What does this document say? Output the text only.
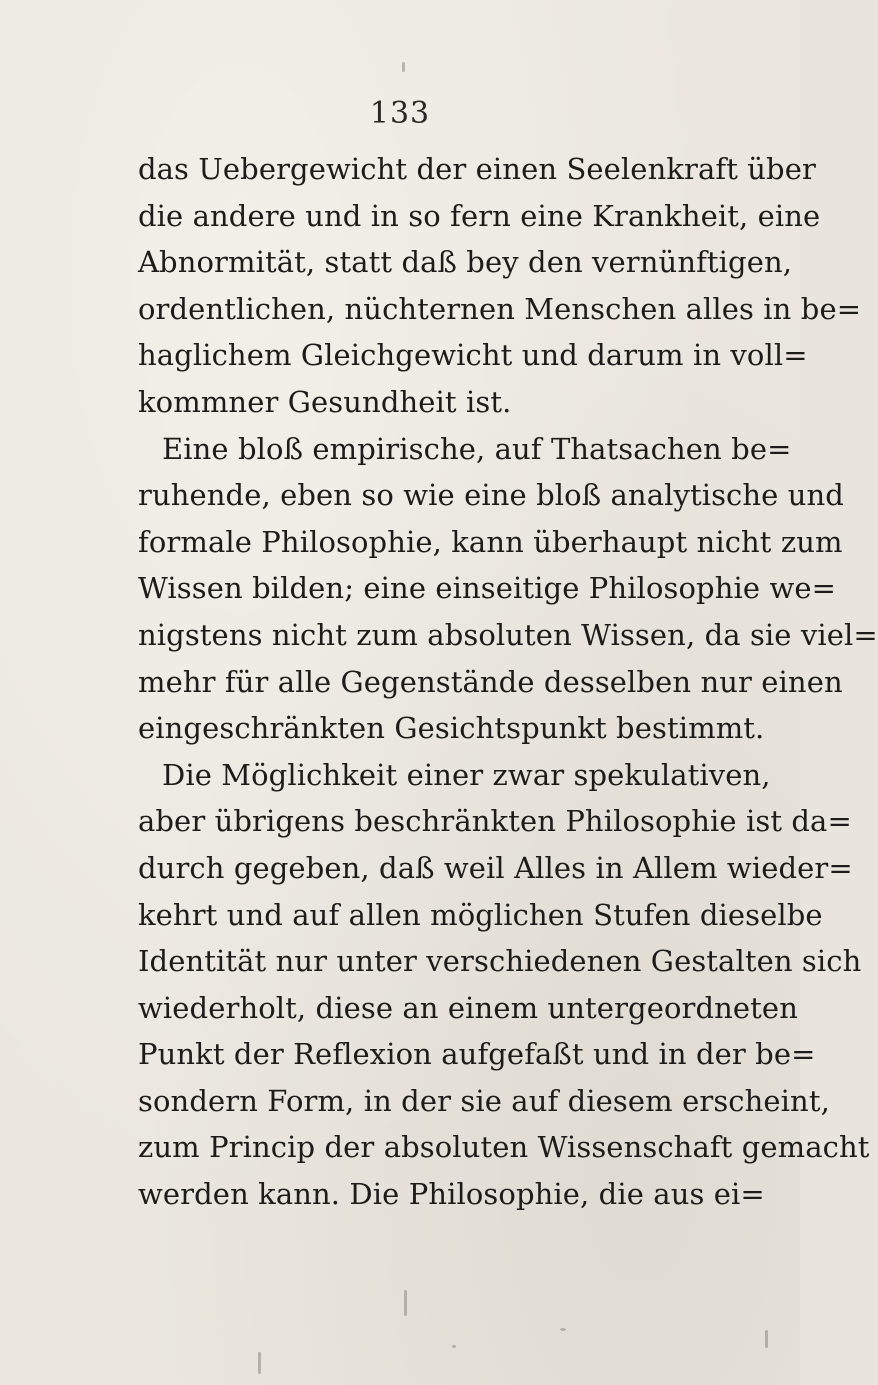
133
das Uebergewicht der einen Seelenkraft über
die andere und in so fern eine Krankheit, eine
Abnormität, statt daß bey den vernünftigen,
ordentlichen, nüchternen Menschen alles in be=
haglichem Gleichgewicht und darum in voll=
kommner Gesundheit ist.
Eine bloß empirische, auf Thatsachen be=
ruhende, eben so wie eine bloß analytische und
formale Philosophie, kann überhaupt nicht zum
Wissen bilden; eine einseitige Philosophie we=
nigstens nicht zum absoluten Wissen, da sie viel=
mehr für alle Gegenstände desselben nur einen
eingeschränkten Gesichtspunkt bestimmt.
Die Möglichkeit einer zwar spekulativen,
aber übrigens beschränkten Philosophie ist da=
durch gegeben, daß weil Alles in Allem wieder=
kehrt und auf allen möglichen Stufen dieselbe
Identität nur unter verschiedenen Gestalten sich
wiederholt, diese an einem untergeordneten
Punkt der Reflexion aufgefaßt und in der be=
sondern Form, in der sie auf diesem erscheint,
zum Princip der absoluten Wissenschaft gemacht
werden kann. Die Philosophie, die aus ei=
